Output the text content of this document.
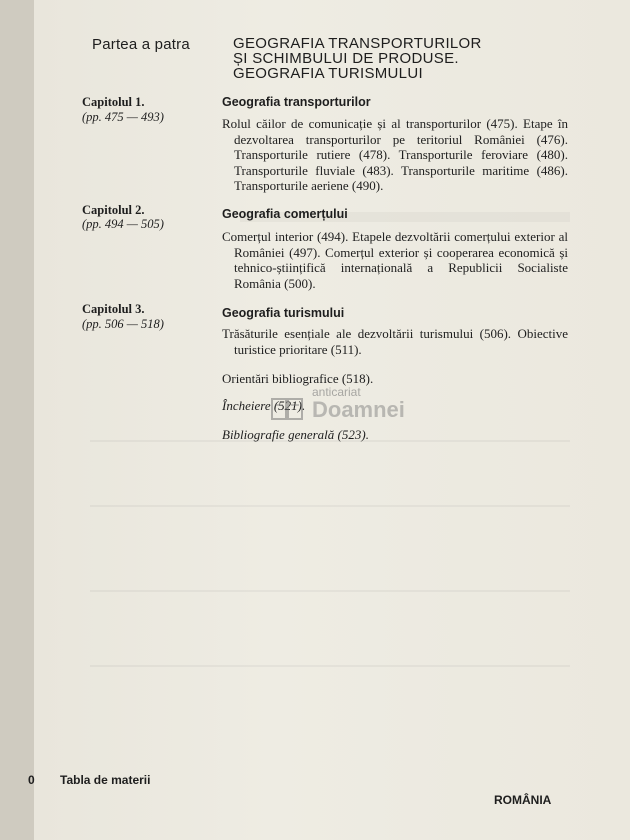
Partea a patra	GEOGRAFIA TRANSPORTURILOR
ȘI SCHIMBULUI DE PRODUSE.
GEOGRAFIA TURISMULUI
Capitolul 1.
(pp. 475 — 493)
Geografia transporturilor
Rolul căilor de comunicație și al transporturilor (475). Etape în dezvoltarea transporturilor pe teritoriul României (476). Transporturile rutiere (478). Transporturile feroviare (480). Transporturile fluviale (483). Transporturile maritime (486). Transporturile aeriene (490).
Capitolul 2.
(pp. 494 — 505)
Geografia comerțului
Comerțul interior (494). Etapele dezvoltării comerțului exterior al României (497). Comerțul exterior și cooperarea economică și tehnico-științifică internațională a Republicii Socialiste România (500).
Capitolul 3.
(pp. 506 — 518)
Geografia turismului
Trăsăturile esențiale ale dezvoltării turismului (506). Obiective turistice prioritare (511).
Orientări bibliografice (518).
Încheiere (521).
Bibliografie generală (523).
anticariat
Doamnei
0 Tabla de materii
ROMÂNIA
